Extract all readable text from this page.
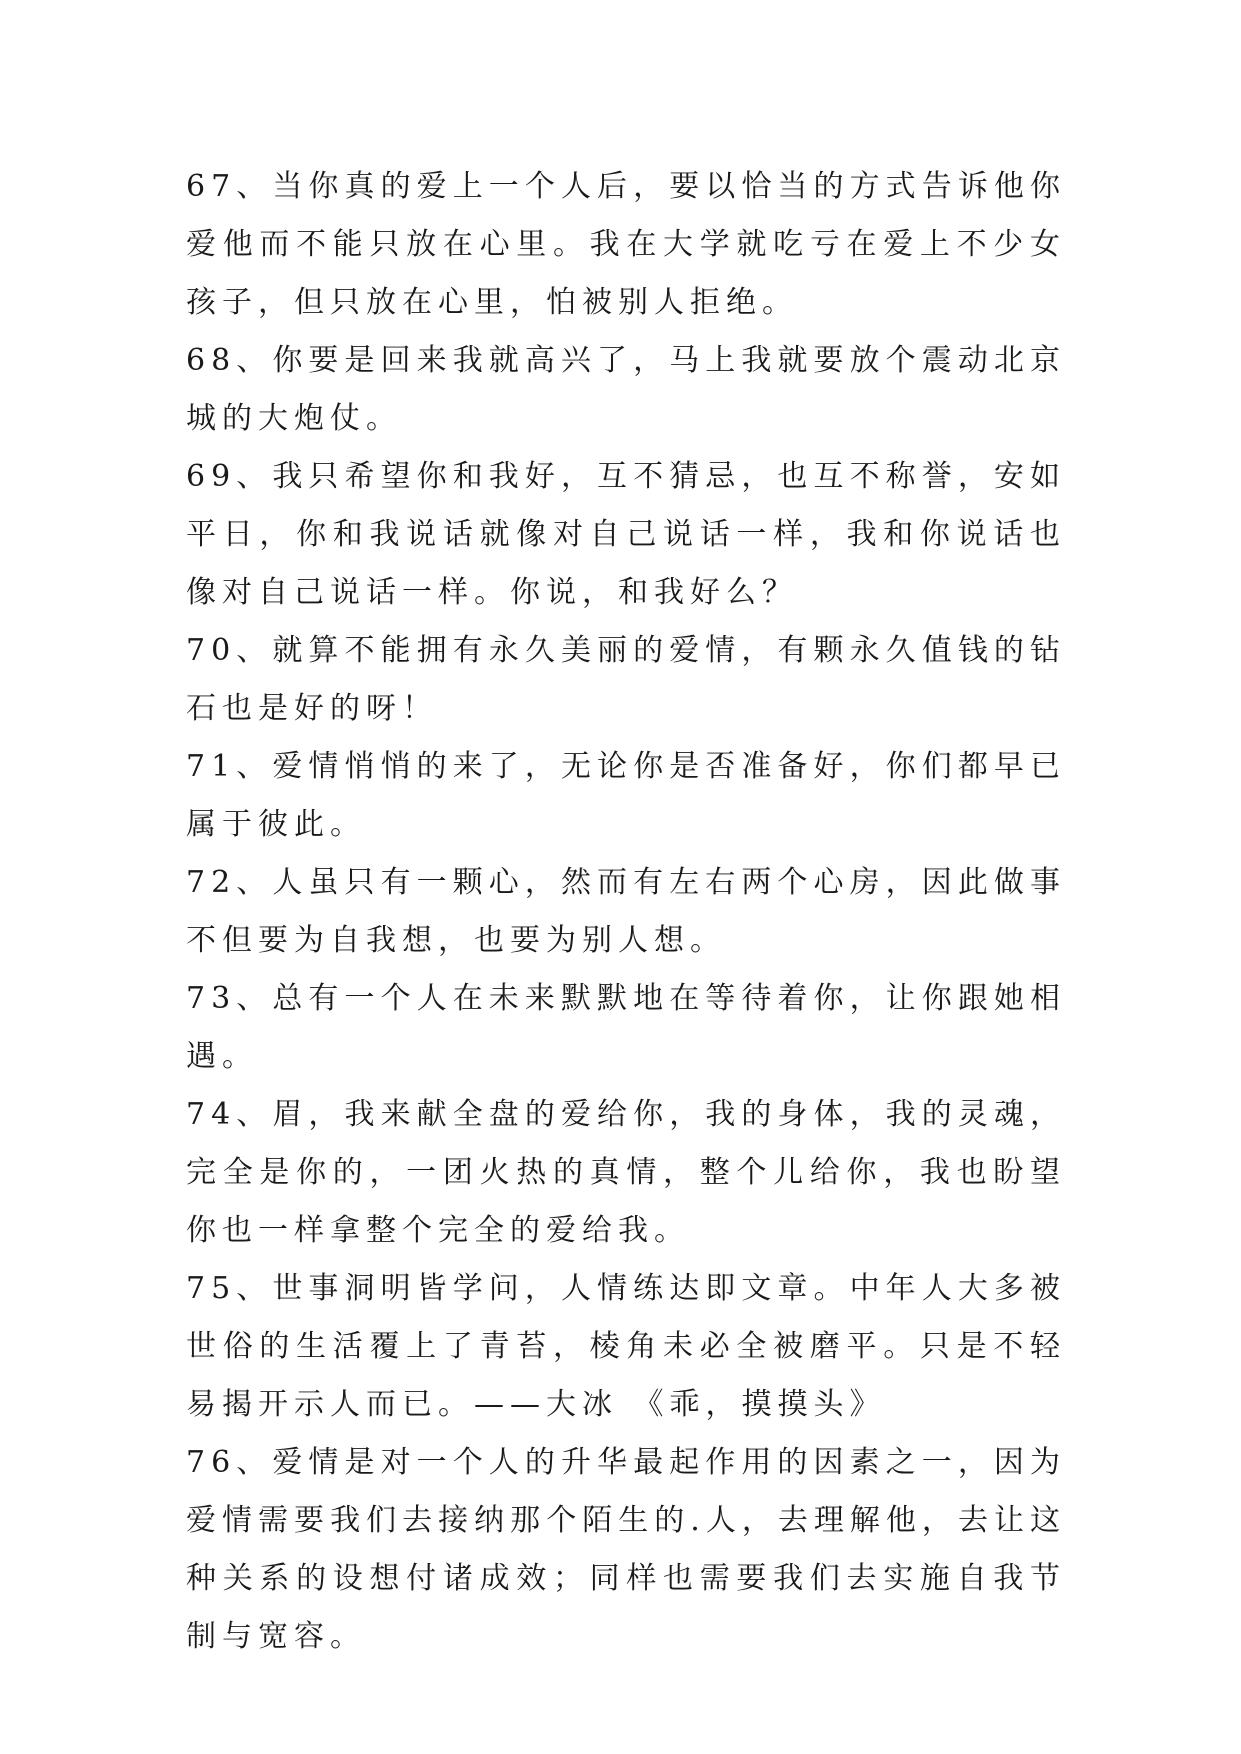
67、当你真的爱上一个人后，要以恰当的方式告诉他你爱他而不能只放在心里。我在大学就吃亏在爱上不少女孩子，但只放在心里，怕被别人拒绝。

68、你要是回来我就高兴了，马上我就要放个震动北京城的大炮仗。

69、我只希望你和我好，互不猜忌，也互不称誉，安如平日，你和我说话就像对自己说话一样，我和你说话也像对自己说话一样。你说，和我好么？

70、就算不能拥有永久美丽的爱情，有颗永久值钱的钻石也是好的呀！

71、爱情悄悄的来了，无论你是否准备好，你们都早已属于彼此。

72、人虽只有一颗心，然而有左右两个心房，因此做事不但要为自我想，也要为别人想。

73、总有一个人在未来默默地在等待着你，让你跟她相遇。

74、眉，我来献全盘的爱给你，我的身体，我的灵魂，完全是你的，一团火热的真情，整个儿给你，我也盼望你也一样拿整个完全的爱给我。

75、世事洞明皆学问，人情练达即文章。中年人大多被世俗的生活覆上了青苔，棱角未必全被磨平。只是不轻易揭开示人而已。——大冰 《乖，摸摸头》

76、爱情是对一个人的升华最起作用的因素之一，因为爱情需要我们去接纳那个陌生的.人，去理解他，去让这种关系的设想付诸成效；同样也需要我们去实施自我节制与宽容。
